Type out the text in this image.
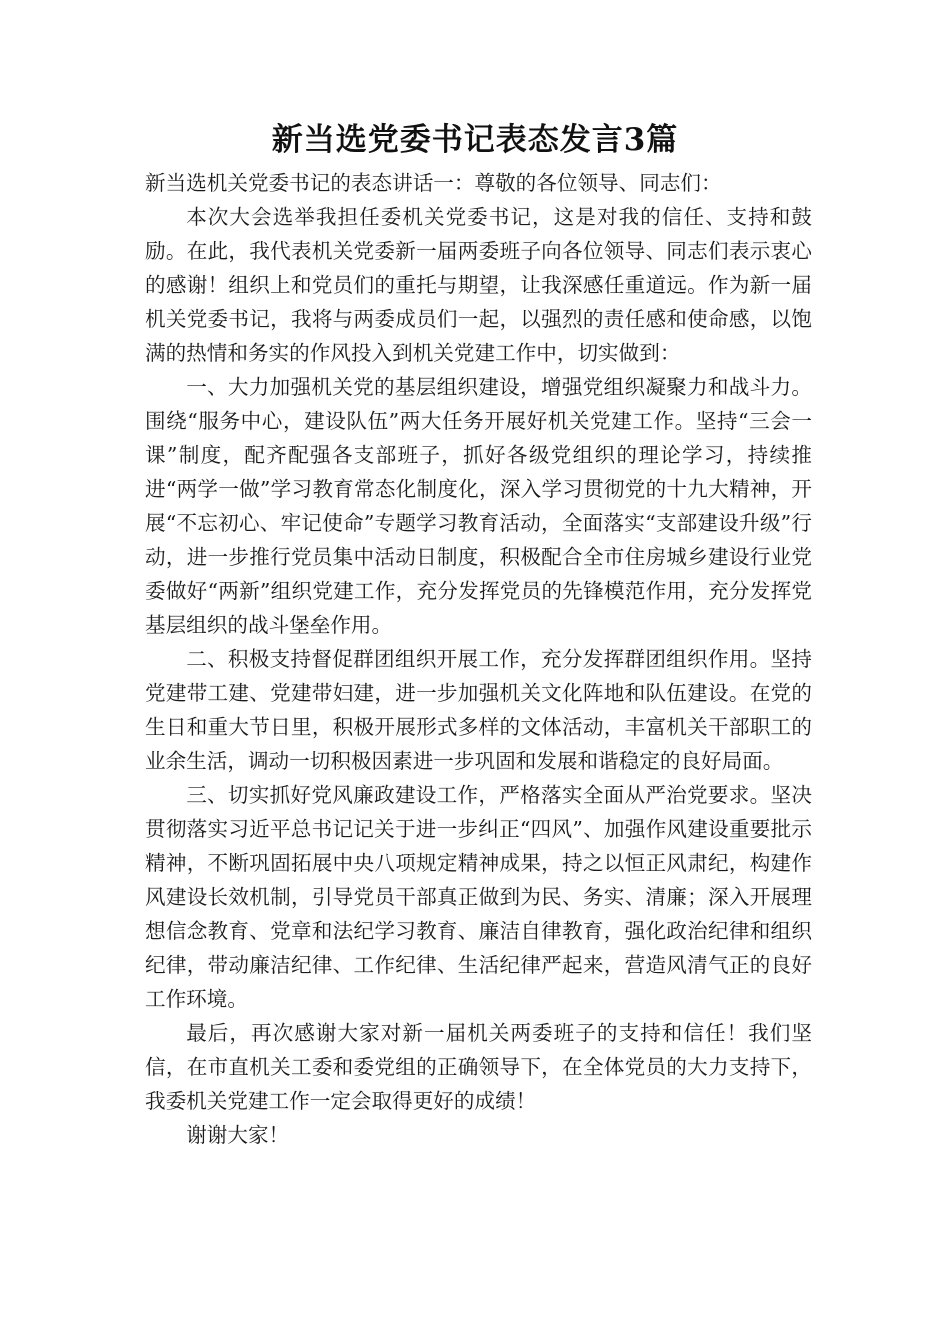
新当选党委书记表态发言3篇

新当选机关党委书记的表态讲话一：尊敬的各位领导、同志们：

本次大会选举我担任委机关党委书记，这是对我的信任、支持和鼓励。在此，我代表机关党委新一届两委班子向各位领导、同志们表示衷心的感谢！组织上和党员们的重托与期望，让我深感任重道远。作为新一届机关党委书记，我将与两委成员们一起，以强烈的责任感和使命感，以饱满的热情和务实的作风投入到机关党建工作中，切实做到：

一、大力加强机关党的基层组织建设，增强党组织凝聚力和战斗力。围绕“服务中心，建设队伍”两大任务开展好机关党建工作。坚持“三会一课”制度，配齐配强各支部班子，抓好各级党组织的理论学习，持续推进“两学一做”学习教育常态化制度化，深入学习贯彻党的十九大精神，开展“不忘初心、牢记使命”专题学习教育活动，全面落实“支部建设升级”行动，进一步推行党员集中活动日制度，积极配合全市住房城乡建设行业党委做好“两新”组织党建工作，充分发挥党员的先锋模范作用，充分发挥党基层组织的战斗堡垒作用。

二、积极支持督促群团组织开展工作，充分发挥群团组织作用。坚持党建带工建、党建带妇建，进一步加强机关文化阵地和队伍建设。在党的生日和重大节日里，积极开展形式多样的文体活动，丰富机关干部职工的业余生活，调动一切积极因素进一步巩固和发展和谐稳定的良好局面。

三、切实抓好党风廉政建设工作，严格落实全面从严治党要求。坚决贯彻落实习近平总书记记关于进一步纠正“四风”、加强作风建设重要批示精神，不断巩固拓展中央八项规定精神成果，持之以恒正风肃纪，构建作风建设长效机制，引导党员干部真正做到为民、务实、清廉；深入开展理想信念教育、党章和法纪学习教育、廉洁自律教育，强化政治纪律和组织纪律，带动廉洁纪律、工作纪律、生活纪律严起来，营造风清气正的良好工作环境。

最后，再次感谢大家对新一届机关两委班子的支持和信任！我们坚信，在市直机关工委和委党组的正确领导下，在全体党员的大力支持下，我委机关党建工作一定会取得更好的成绩！

谢谢大家！
